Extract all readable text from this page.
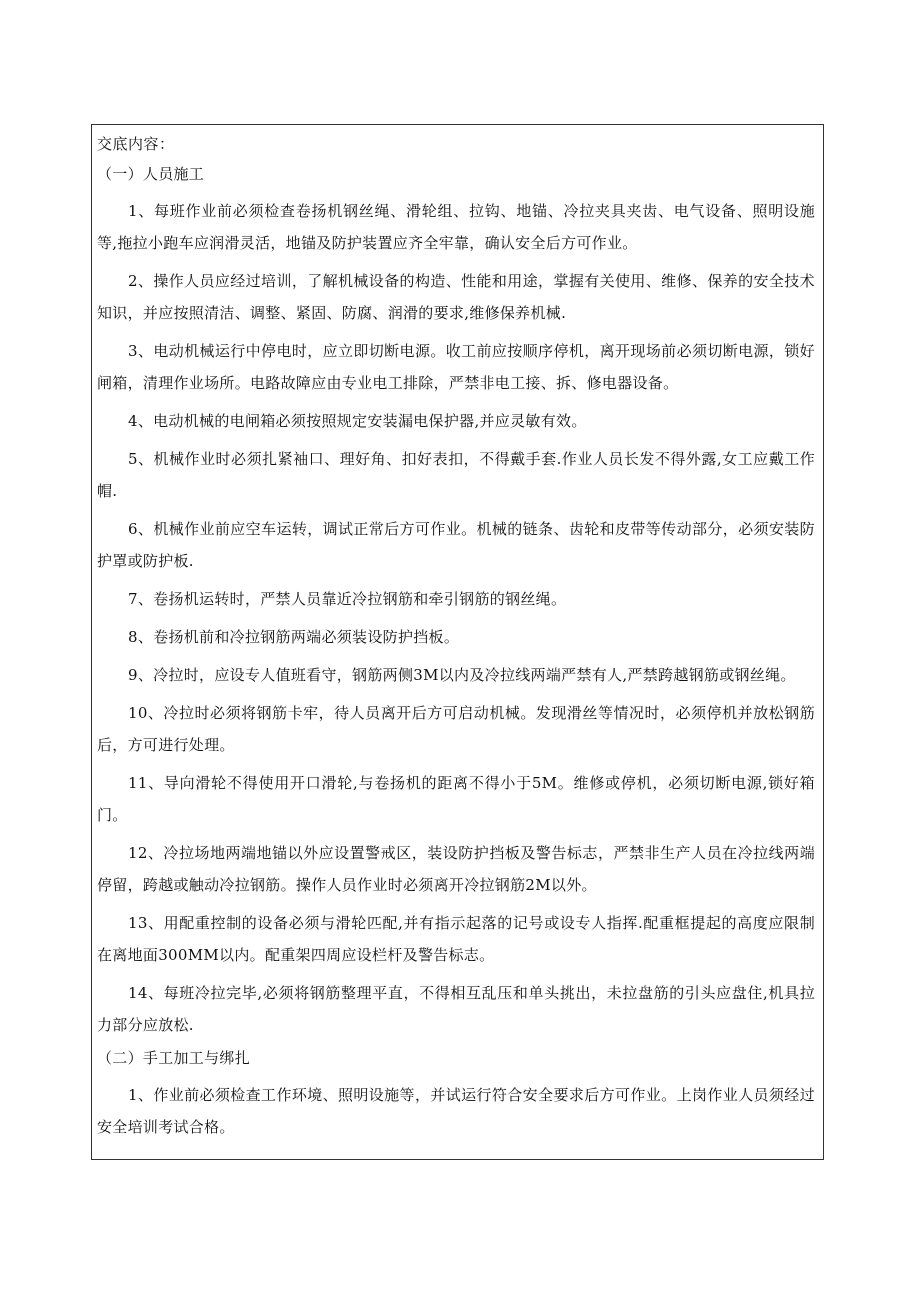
交底内容：
（一）人员施工

1、每班作业前必须检查卷扬机钢丝绳、滑轮组、拉钩、地锚、冷拉夹具夹齿、电气设备、照明设施等,拖拉小跑车应润滑灵活，地锚及防护装置应齐全牢靠，确认安全后方可作业。

2、操作人员应经过培训，了解机械设备的构造、性能和用途，掌握有关使用、维修、保养的安全技术知识，并应按照清洁、调整、紧固、防腐、润滑的要求,维修保养机械.

3、电动机械运行中停电时，应立即切断电源。收工前应按顺序停机，离开现场前必须切断电源，锁好闸箱，清理作业场所。电路故障应由专业电工排除，严禁非电工接、拆、修电器设备。

4、电动机械的电闸箱必须按照规定安装漏电保护器,并应灵敏有效。

5、机械作业时必须扎紧袖口、理好角、扣好表扣，不得戴手套.作业人员长发不得外露,女工应戴工作帽.

6、机械作业前应空车运转，调试正常后方可作业。机械的链条、齿轮和皮带等传动部分，必须安装防护罩或防护板.

7、卷扬机运转时，严禁人员靠近冷拉钢筋和牵引钢筋的钢丝绳。

8、卷扬机前和冷拉钢筋两端必须装设防护挡板。

9、冷拉时，应设专人值班看守，钢筋两侧3M以内及冷拉线两端严禁有人,严禁跨越钢筋或钢丝绳。

10、冷拉时必须将钢筋卡牢，待人员离开后方可启动机械。发现滑丝等情况时，必须停机并放松钢筋后，方可进行处理。

11、导向滑轮不得使用开口滑轮,与卷扬机的距离不得小于5M。维修或停机，必须切断电源,锁好箱门。

12、冷拉场地两端地锚以外应设置警戒区，装设防护挡板及警告标志，严禁非生产人员在冷拉线两端停留，跨越或触动冷拉钢筋。操作人员作业时必须离开冷拉钢筋2M以外。

13、用配重控制的设备必须与滑轮匹配,并有指示起落的记号或设专人指挥.配重框提起的高度应限制在离地面300MM以内。配重架四周应设栏杆及警告标志。

14、每班冷拉完毕,必须将钢筋整理平直，不得相互乱压和单头挑出，未拉盘筋的引头应盘住,机具拉力部分应放松.

（二）手工加工与绑扎

1、作业前必须检查工作环境、照明设施等，并试运行符合安全要求后方可作业。上岗作业人员须经过安全培训考试合格。
